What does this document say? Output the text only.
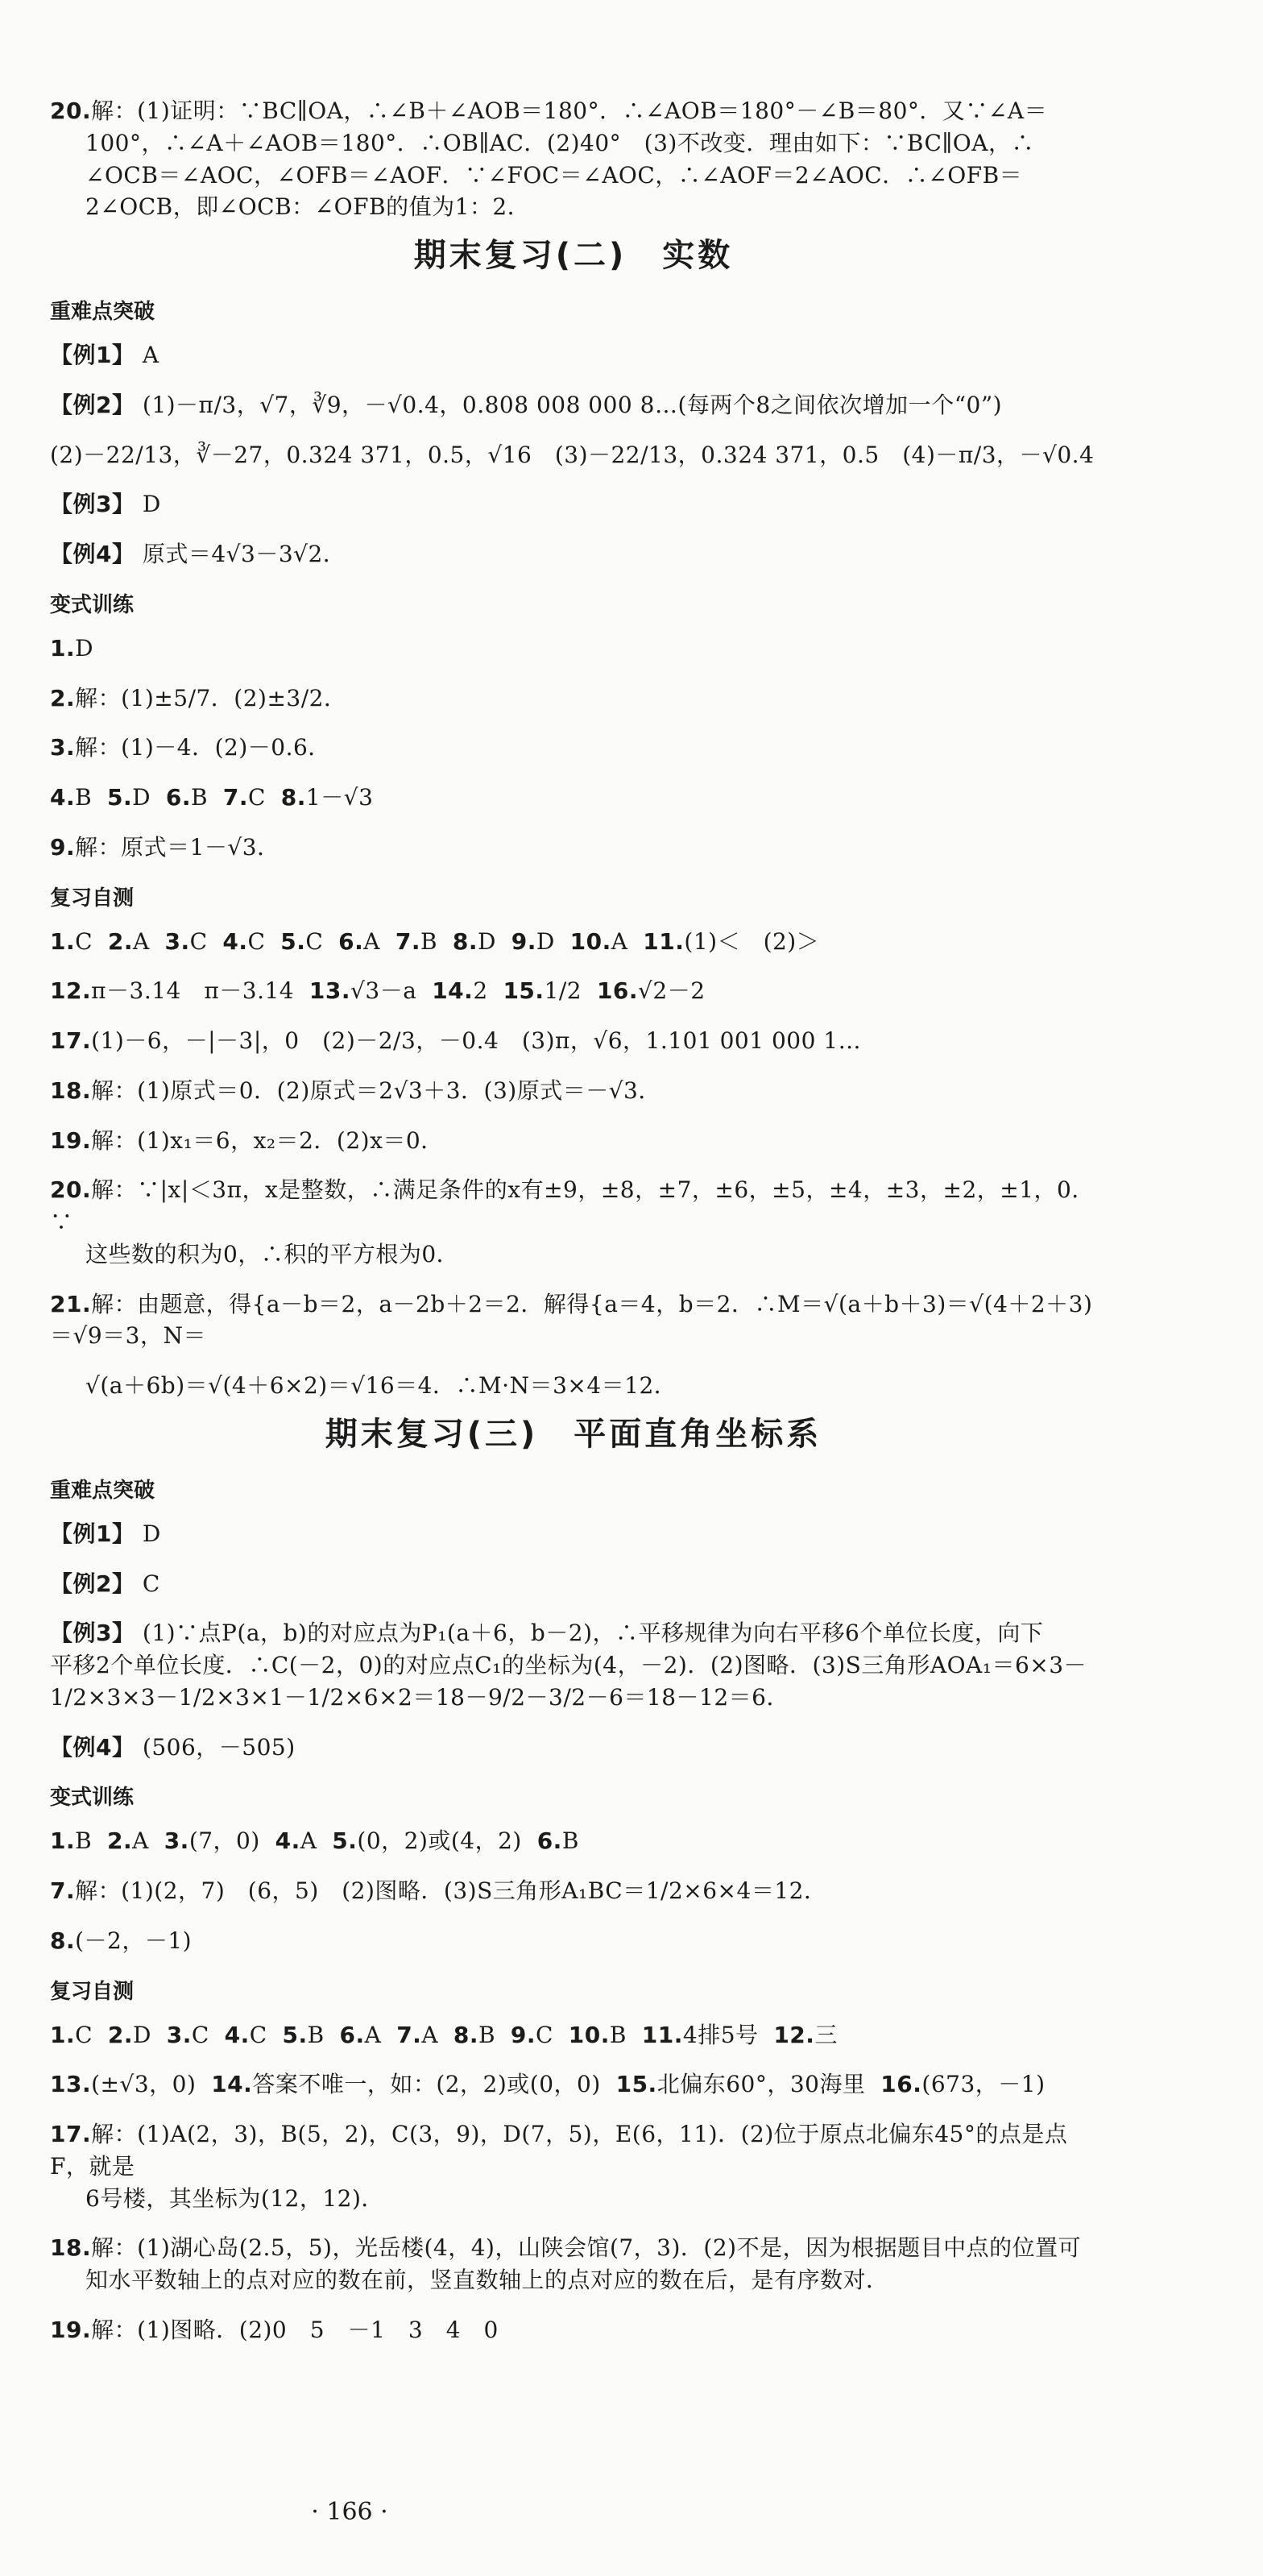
20.解：(1)证明：∵BC∥OA，∴∠B＋∠AOB＝180°．∴∠AOB＝180°－∠B＝80°．又∵∠A＝

100°，∴∠A＋∠AOB＝180°．∴OB∥AC．(2)40°　(3)不改变．理由如下：∵BC∥OA，∴

∠OCB＝∠AOC，∠OFB＝∠AOF．∵∠FOC＝∠AOC，∴∠AOF＝2∠AOC．∴∠OFB＝

2∠OCB，即∠OCB：∠OFB的值为1：2．

期末复习(二)　实数
重难点突破

【例1】 A

【例2】 (1)－π/3，√7，∛9，－√0.4，0.808 008 000 8…(每两个8之间依次增加一个“0”)

(2)－22/13，∛－27，0.324 371，0.5，√16　(3)－22/13，0.324 371，0.5　(4)－π/3，－√0.4

【例3】 D

【例4】 原式＝4√3－3√2．

变式训练

1.D

2.解：(1)±5/7．(2)±3/2．

3.解：(1)－4．(2)－0.6．

4.B 5.D 6.B 7.C 8.1－√3

9.解：原式＝1－√3．

复习自测

1.C 2.A 3.C 4.C 5.C 6.A 7.B 8.D 9.D 10.A 11.(1)＜　(2)＞

12.π－3.14　π－3.14 13.√3－a 14.2 15.1/2 16.√2－2

17.(1)－6，－|－3|，0　(2)－2/3，－0.4　(3)π，√6，1.101 001 000 1…

18.解：(1)原式＝0．(2)原式＝2√3＋3．(3)原式＝－√3．

19.解：(1)x₁＝6，x₂＝2．(2)x＝0．

20.解：∵|x|＜3π，x是整数，∴满足条件的x有±9，±8，±7，±6，±5，±4，±3，±2，±1，0．∵

这些数的积为0，∴积的平方根为0．

21.解：由题意，得{a－b＝2，a－2b＋2＝2．解得{a＝4，b＝2．∴M＝√(a＋b＋3)＝√(4＋2＋3)＝√9＝3，N＝

√(a＋6b)＝√(4＋6×2)＝√16＝4．∴M·N＝3×4＝12．

期末复习(三)　平面直角坐标系
重难点突破

【例1】 D

【例2】 C

【例3】 (1)∵点P(a，b)的对应点为P₁(a＋6，b－2)，∴平移规律为向右平移6个单位长度，向下

平移2个单位长度．∴C(－2，0)的对应点C₁的坐标为(4，－2)．(2)图略．(3)S三角形AOA₁＝6×3－

1/2×3×3－1/2×3×1－1/2×6×2＝18－9/2－3/2－6＝18－12＝6．

【例4】 (506，－505)

变式训练

1.B 2.A 3.(7，0) 4.A 5.(0，2)或(4，2) 6.B

7.解：(1)(2，7)　(6，5)　(2)图略．(3)S三角形A₁BC＝1/2×6×4＝12．

8.(－2，－1)

复习自测

1.C 2.D 3.C 4.C 5.B 6.A 7.A 8.B 9.C 10.B 11.4排5号 12.三

13.(±√3，0) 14.答案不唯一，如：(2，2)或(0，0) 15.北偏东60°，30海里 16.(673，－1)

17.解：(1)A(2，3)，B(5，2)，C(3，9)，D(7，5)，E(6，11)．(2)位于原点北偏东45°的点是点F，就是

6号楼，其坐标为(12，12)．

18.解：(1)湖心岛(2.5，5)，光岳楼(4，4)，山陕会馆(7，3)．(2)不是，因为根据题目中点的位置可

知水平数轴上的点对应的数在前，竖直数轴上的点对应的数在后，是有序数对．

19.解：(1)图略．(2)0　5　－1　3　4　0

· 166 ·
